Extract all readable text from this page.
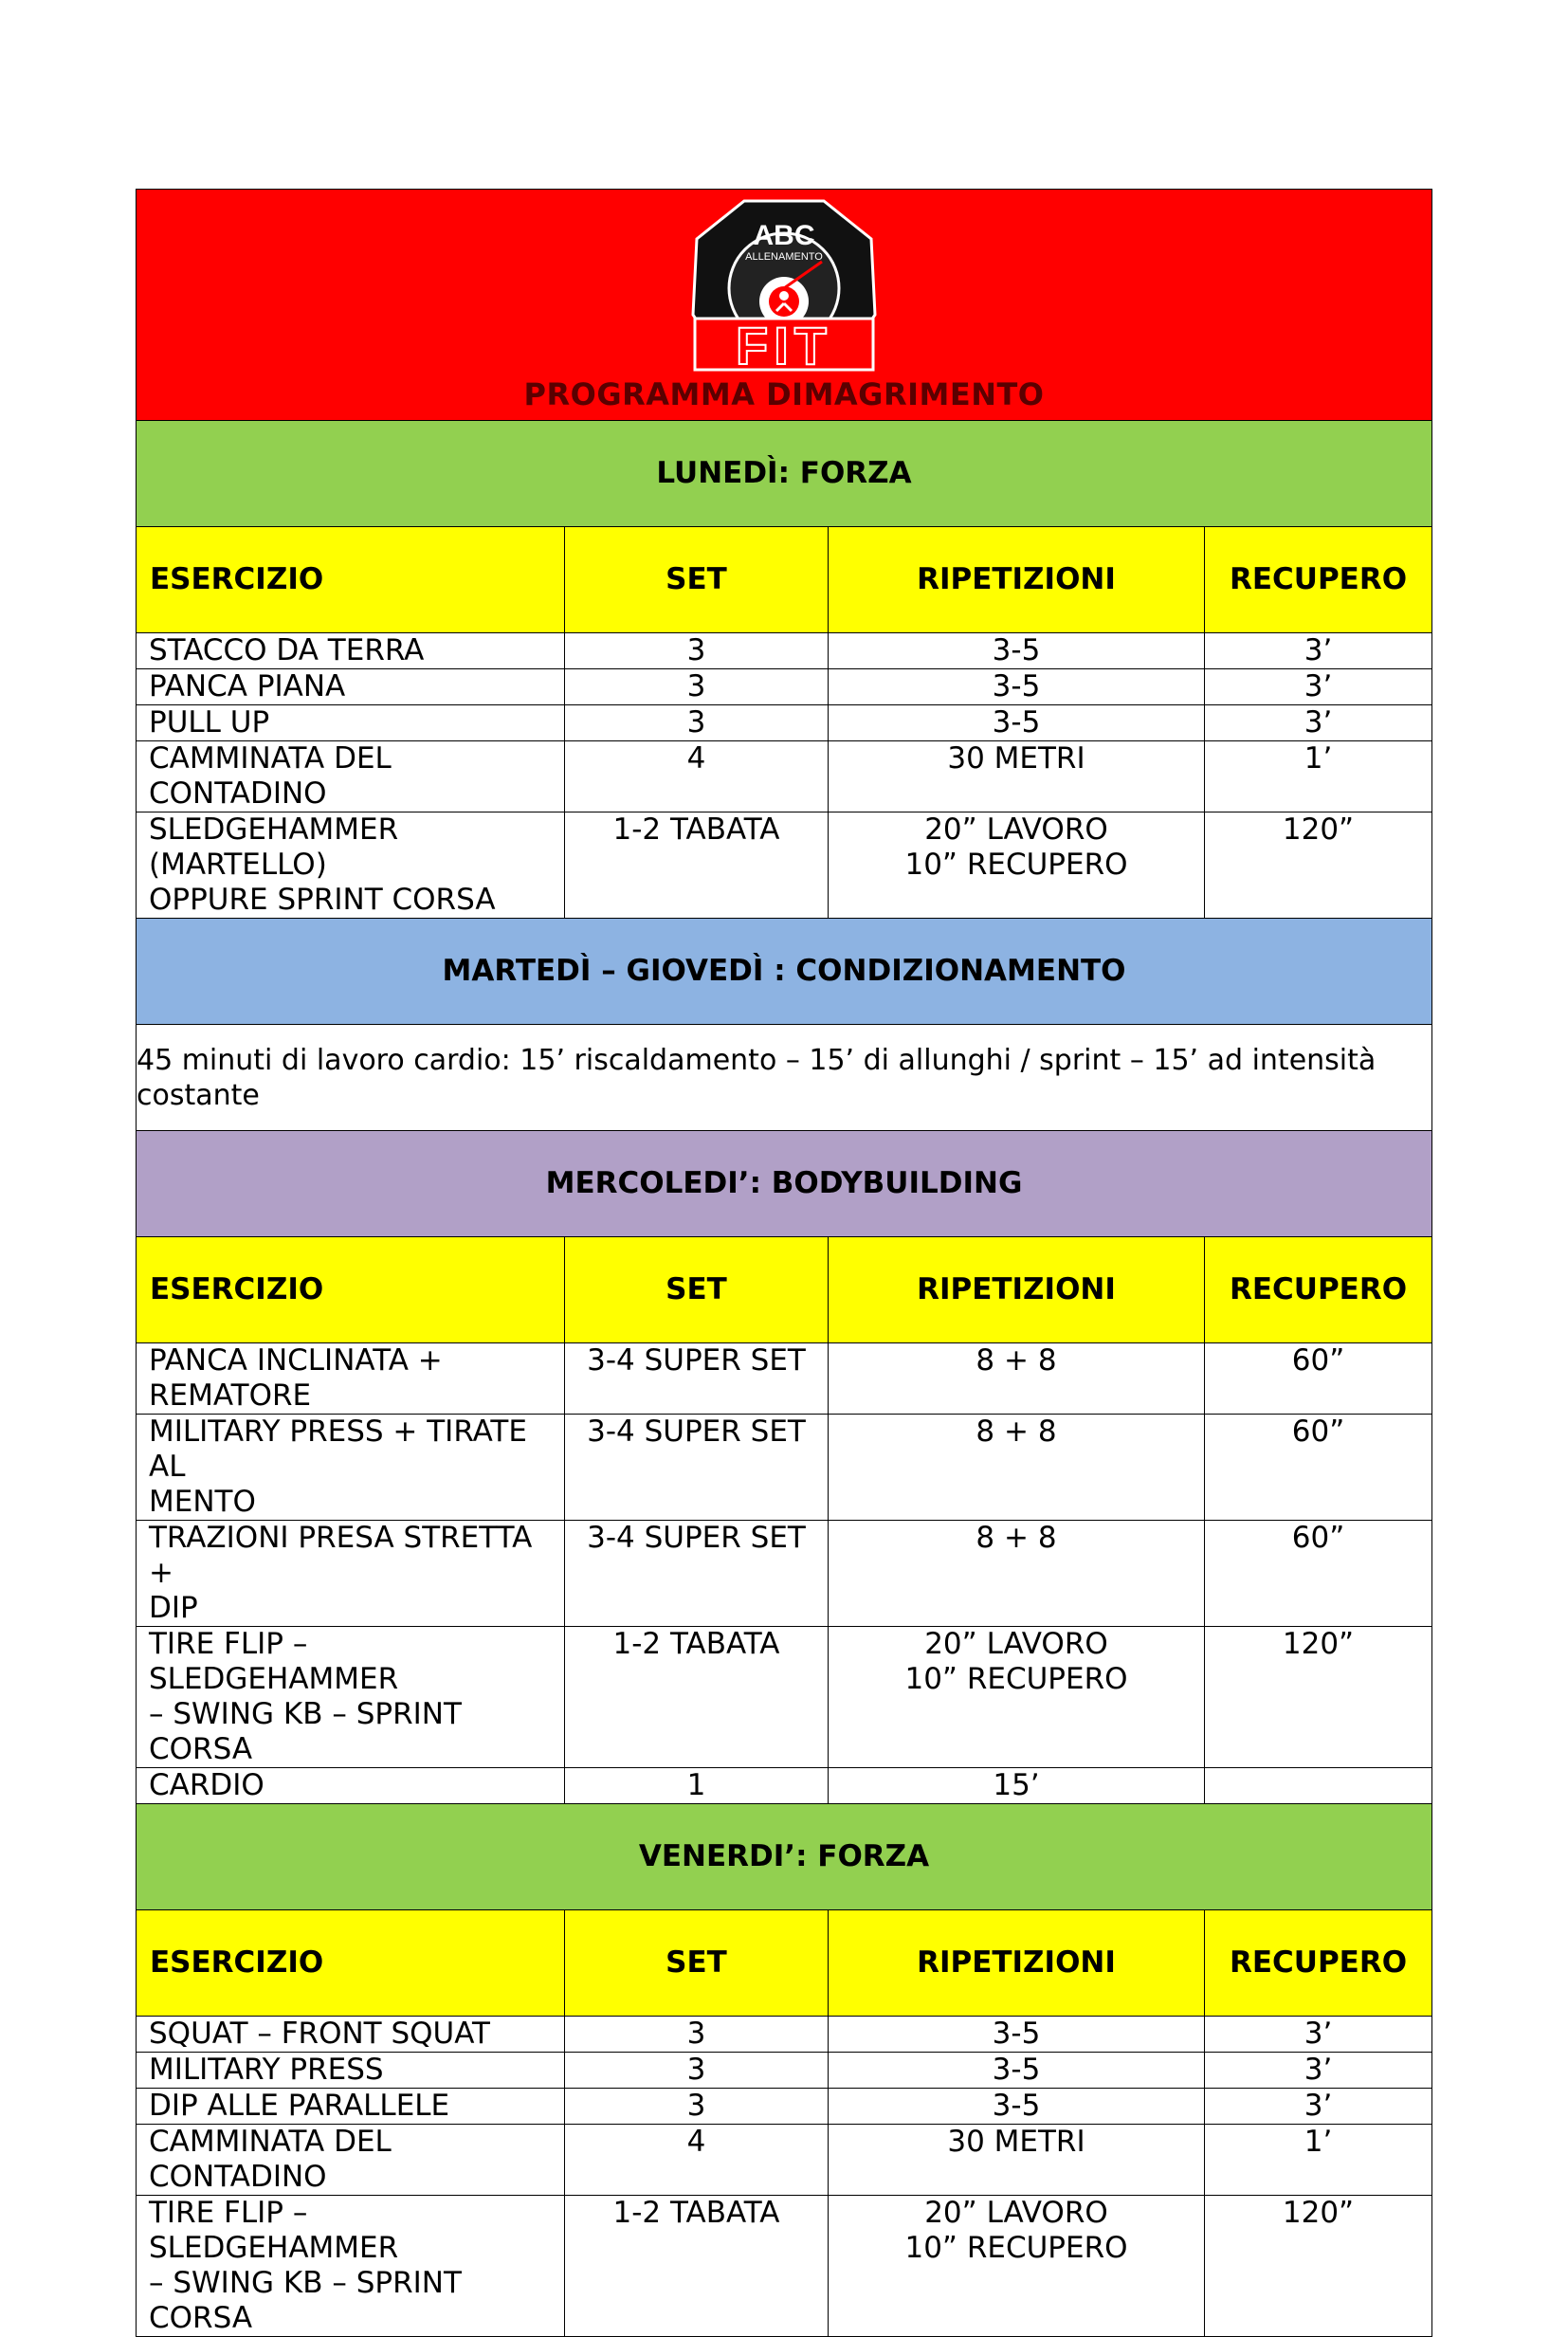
ABC
ALLENAMENTO
FIT
PROGRAMMA DIMAGRIMENTO			

LUNEDÌ: FORZA			
ESERCIZIO	SET	RIPETIZIONI	RECUPERO

STACCO DA TERRA	3	3-5	3’

PANCA PIANA	3	3-5	3’

PULL UP	3	3-5	3’

CAMMINATA DEL CONTADINO	4	30 METRI	1’

SLEDGEHAMMER (MARTELLO)
OPPURE SPRINT CORSA	1-2 TABATA	20” LAVORO
10” RECUPERO	120”
MARTEDÌ – GIOVEDÌ : CONDIZIONAMENTO			
45 minuti di lavoro cardio: 15’ riscaldamento – 15’ di allunghi / sprint – 15’ ad intensità costante			
MERCOLEDI’: BODYBUILDING			
ESERCIZIO	SET	RIPETIZIONI	RECUPERO

PANCA INCLINATA +
REMATORE	3-4 SUPER SET	8 + 8	60”

MILITARY PRESS + TIRATE AL
MENTO	3-4 SUPER SET	8 + 8	60”

TRAZIONI PRESA STRETTA +
DIP	3-4 SUPER SET	8 + 8	60”

TIRE FLIP – SLEDGEHAMMER
– SWING KB – SPRINT CORSA	1-2 TABATA	20” LAVORO
10” RECUPERO	120”

CARDIO	1	15’	

VENERDI’: FORZA			
ESERCIZIO	SET	RIPETIZIONI	RECUPERO

SQUAT – FRONT SQUAT	3	3-5	3’

MILITARY PRESS	3	3-5	3’

DIP ALLE PARALLELE	3	3-5	3’

CAMMINATA DEL CONTADINO	4	30 METRI	1’

TIRE FLIP – SLEDGEHAMMER
– SWING KB – SPRINT CORSA	1-2 TABATA	20” LAVORO
10” RECUPERO	120”
